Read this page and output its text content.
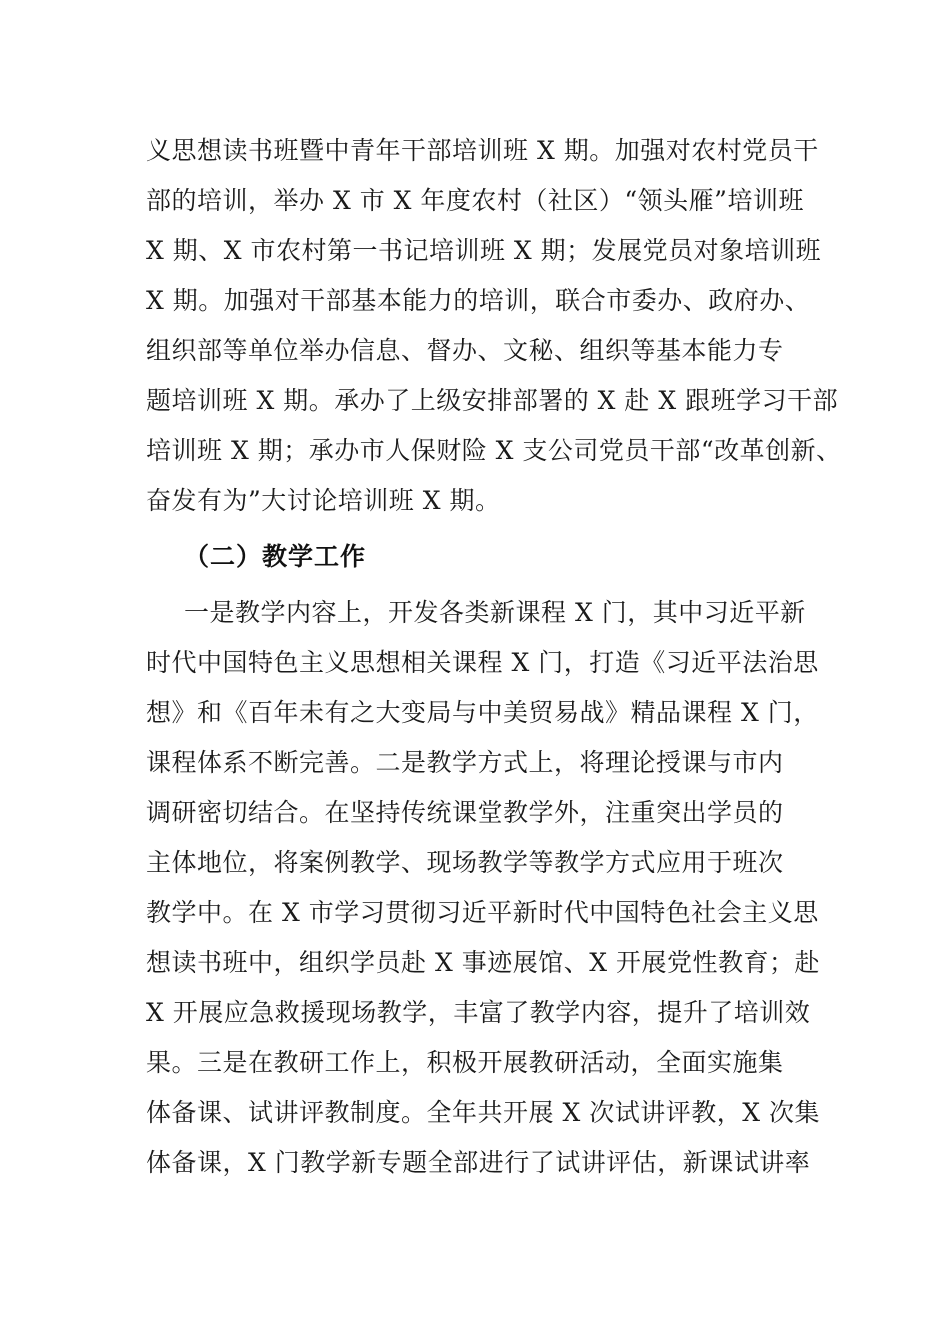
义思想读书班暨中青年干部培训班 X 期。加强对农村党员干
部的培训，举办 X 市 X 年度农村（社区）“领头雁”培训班
X 期、X 市农村第一书记培训班 X 期；发展党员对象培训班
X 期。加强对干部基本能力的培训，联合市委办、政府办、
组织部等单位举办信息、督办、文秘、组织等基本能力专
题培训班 X 期。承办了上级安排部署的 X 赴 X 跟班学习干部
培训班 X 期；承办市人保财险 X 支公司党员干部“改革创新、
奋发有为”大讨论培训班 X 期。
（二）教学工作
一是教学内容上，开发各类新课程 X 门，其中习近平新
时代中国特色主义思想相关课程 X 门，打造《习近平法治思
想》和《百年未有之大变局与中美贸易战》精品课程 X 门，
课程体系不断完善。二是教学方式上，将理论授课与市内
调研密切结合。在坚持传统课堂教学外，注重突出学员的
主体地位，将案例教学、现场教学等教学方式应用于班次
教学中。在 X 市学习贯彻习近平新时代中国特色社会主义思
想读书班中，组织学员赴 X 事迹展馆、X 开展党性教育；赴
X 开展应急救援现场教学，丰富了教学内容，提升了培训效
果。三是在教研工作上，积极开展教研活动，全面实施集
体备课、试讲评教制度。全年共开展 X 次试讲评教，X 次集
体备课，X 门教学新专题全部进行了试讲评估，新课试讲率
